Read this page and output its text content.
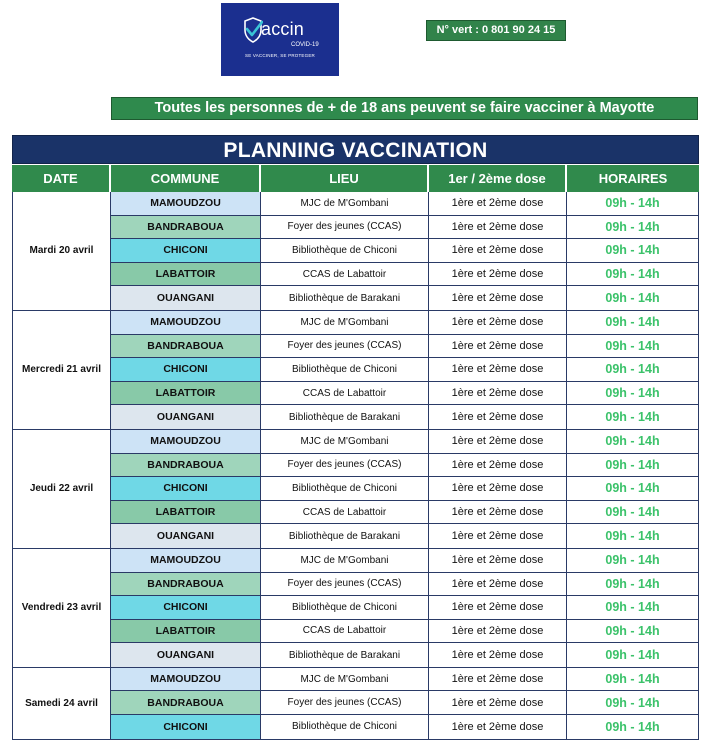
accin
COVID-19
SE VACCINER, SE PROTEGER
N° vert : 0 801 90 24 15
Toutes les personnes de + de 18 ans peuvent se faire vacciner à Mayotte
PLANNING VACCINATION
DATE	COMMUNE	LIEU	1er / 2ème dose	HORAIRES
Mardi 20 avril
MAMOUDZOU	MJC de M'Gombani	1ère et 2ème dose	09h - 14h
BANDRABOUA	Foyer des jeunes (CCAS)	1ère et 2ème dose	09h - 14h
CHICONI	Bibliothèque de Chiconi	1ère et 2ème dose	09h - 14h
LABATTOIR	CCAS de Labattoir	1ère et 2ème dose	09h - 14h
OUANGANI	Bibliothèque de Barakani	1ère et 2ème dose	09h - 14h
Mercredi 21 avril
MAMOUDZOU	MJC de M'Gombani	1ère et 2ème dose	09h - 14h
BANDRABOUA	Foyer des jeunes (CCAS)	1ère et 2ème dose	09h - 14h
CHICONI	Bibliothèque de Chiconi	1ère et 2ème dose	09h - 14h
LABATTOIR	CCAS de Labattoir	1ère et 2ème dose	09h - 14h
OUANGANI	Bibliothèque de Barakani	1ère et 2ème dose	09h - 14h
Jeudi 22 avril
MAMOUDZOU	MJC de M'Gombani	1ère et 2ème dose	09h - 14h
BANDRABOUA	Foyer des jeunes (CCAS)	1ère et 2ème dose	09h - 14h
CHICONI	Bibliothèque de Chiconi	1ère et 2ème dose	09h - 14h
LABATTOIR	CCAS de Labattoir	1ère et 2ème dose	09h - 14h
OUANGANI	Bibliothèque de Barakani	1ère et 2ème dose	09h - 14h
Vendredi 23 avril
MAMOUDZOU	MJC de M'Gombani	1ère et 2ème dose	09h - 14h
BANDRABOUA	Foyer des jeunes (CCAS)	1ère et 2ème dose	09h - 14h
CHICONI	Bibliothèque de Chiconi	1ère et 2ème dose	09h - 14h
LABATTOIR	CCAS de Labattoir	1ère et 2ème dose	09h - 14h
OUANGANI	Bibliothèque de Barakani	1ère et 2ème dose	09h - 14h
Samedi 24 avril
MAMOUDZOU	MJC de M'Gombani	1ère et 2ème dose	09h - 14h
BANDRABOUA	Foyer des jeunes (CCAS)	1ère et 2ème dose	09h - 14h
CHICONI	Bibliothèque de Chiconi	1ère et 2ème dose	09h - 14h
